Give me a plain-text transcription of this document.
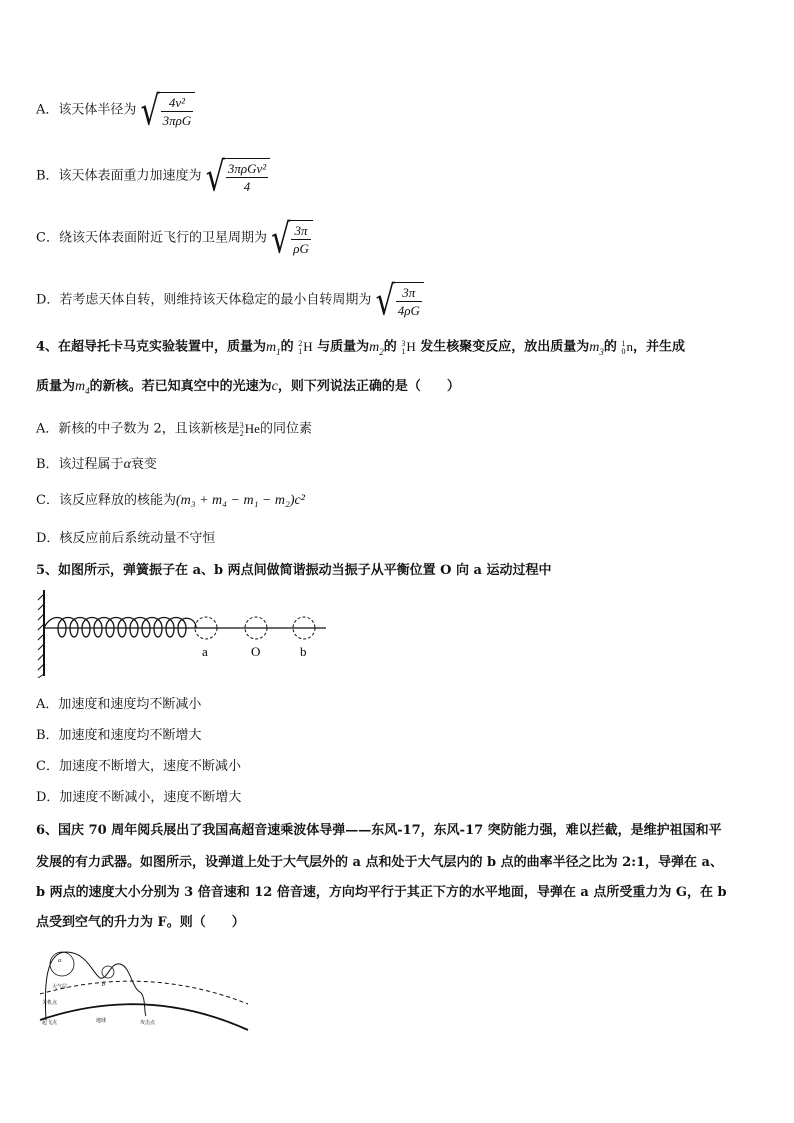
A．该天体半径为 √ $\frac{\text{4v²}}{\text{3πρG}}$
B．该天体表面重力加速度为 √ $\frac{\text{3πρGv²}}{4}$
C．绕该天体表面附近飞行的卫星周期为 √ $\frac{3\pi}{\rho G}$
D．若考虑天体自转，则维持该天体稳定的最小自转周期为 √ $\frac{3\pi}{4\rho G}$
4、在超导托卡马克实验装置中，质量为$m_1$的 2
1 H 与质量为$m_2$的 3
1 H 发生核聚变反应，放出质量为$m_3$的 1
0 n，并生成
质量为$m_4$的新核。若已知真空中的光速为c，则下列说法正确的是（　　）
A．新核的中子数为 2，且该新核是 3
2 He的同位素
B．该过程属于α衰变
C．该反应释放的核能为(m₃ + m₄ − m₁ − m₂)c²
D．核反应前后系统动量不守恒
5、如图所示，弹簧振子在 a、b 两点间做简谐振动当振子从平衡位置 O 向 a 运动过程中
a	O	b
A．加速度和速度均不断减小
B．加速度和速度均不断增大
C．加速度不断增大，速度不断减小
D．加速度不断减小，速度不断增大
6、国庆 70 周年阅兵展出了我国高超音速乘波体导弹——东风-17，东风-17 突防能力强，难以拦截，是维护祖国和平
发展的有力武器。如图所示，设弹道上处于大气层外的 a 点和处于大气层内的 b 点的曲率半径之比为 2:1，导弹在 a、
b 两点的速度大小分别为 3 倍音速和 12 倍音速，方向均平行于其正下方的水平地面，导弹在 a 点所受重力为 G，在 b
点受到空气的升力为 F。则（　　）
a
b
大气层
关机点
起飞点	地球	攻击点
